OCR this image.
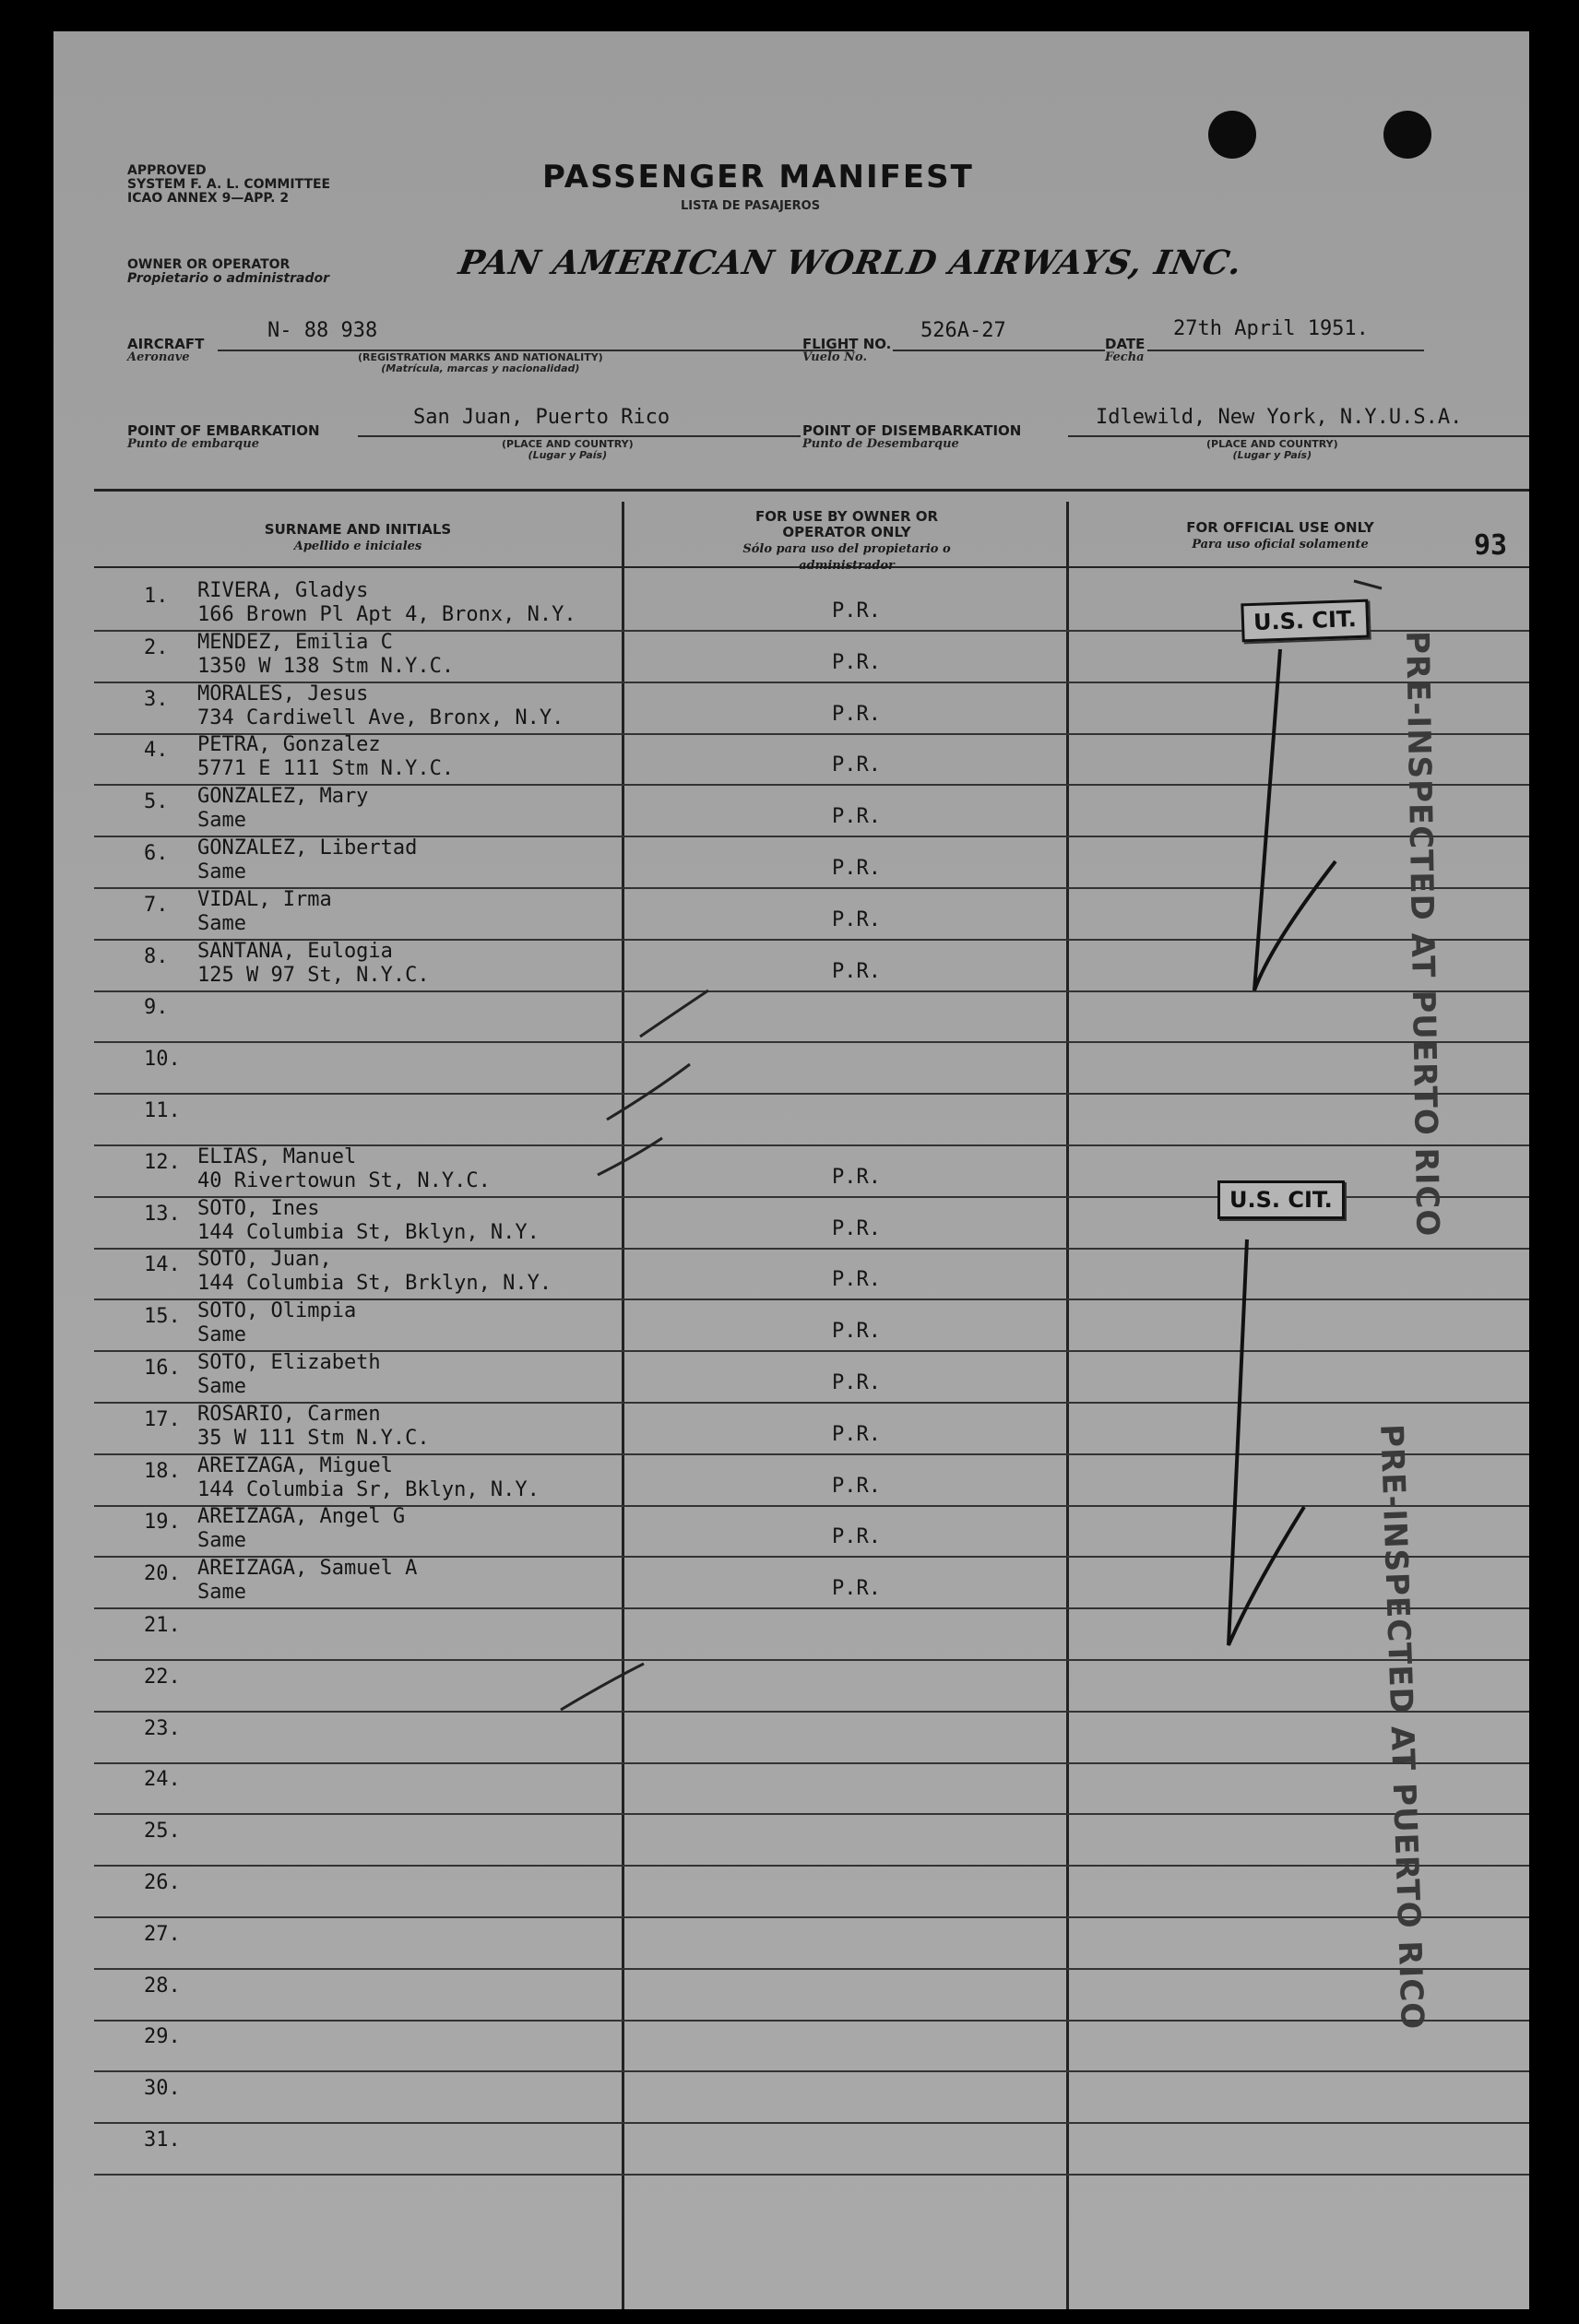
APPROVED
SYSTEM F. A. L. COMMITTEE
ICAO ANNEX 9—APP. 2
PASSENGER MANIFEST
LISTA DE PASAJEROS
OWNER OR OPERATOR
Propietario o administrador	PAN AMERICAN WORLD AIRWAYS, INC.
AIRCRAFT
Aeronave
N- 88 938
(REGISTRATION MARKS AND NATIONALITY)
(Matrícula, marcas y nacionalidad)
FLIGHT NO.
Vuelo No.
526A-27
DATE
Fecha
27th April 1951.
POINT OF EMBARKATION
Punto de embarque
San Juan, Puerto Rico
(PLACE AND COUNTRY)
(Lugar y País)
POINT OF DISEMBARKATION
Punto de Desembarque
Idlewild, New York, N.Y.U.S.A.
(PLACE AND COUNTRY)
(Lugar y País)
SURNAME AND INITIALS
Apellido e iniciales
FOR USE BY OWNER OR OPERATOR ONLY
Sólo para uso del propietario o administrador
FOR OFFICIAL USE ONLY
Para uso oficial solamente	93
1. RIVERA, Gladys
166 Brown Pl Apt 4, Bronx, N.Y.	P.R.
2. MENDEZ, Emilia C
1350 W 138 Stm N.Y.C.	P.R.
3. MORALES, Jesus
734 Cardiwell Ave, Bronx, N.Y.	P.R.
4. PETRA, Gonzalez
5771 E 111 Stm N.Y.C.	P.R.
5. GONZALEZ, Mary
Same	P.R.
6. GONZALEZ, Libertad
Same	P.R.
7. VIDAL, Irma
Same	P.R.
8. SANTANA, Eulogia
125 W 97 St, N.Y.C.	P.R.
9.
10.
11.
12. ELIAS, Manuel
40 Rivertowun St, N.Y.C.	P.R.
13. SOTO, Ines
144 Columbia St, Bklyn, N.Y.	P.R.
14. SOTO, Juan,
144 Columbia St, Brklyn, N.Y.	P.R.
15. SOTO, Olimpia
Same	P.R.
16. SOTO, Elizabeth
Same	P.R.
17. ROSARIO, Carmen
35 W 111 Stm N.Y.C.	P.R.
18. AREIZAGA, Miguel
144 Columbia Sr, Bklyn, N.Y.	P.R.
19. AREIZAGA, Angel G
Same	P.R.
20. AREIZAGA, Samuel A
Same	P.R.
21.
22.
23.
24.
25.
26.
27.
28.
29.
30.
31.
U.S. CIT.
U.S. CIT.	PRE-INSPECTED AT PUERTO RICO
PRE-INSPECTED AT PUERTO RICO
